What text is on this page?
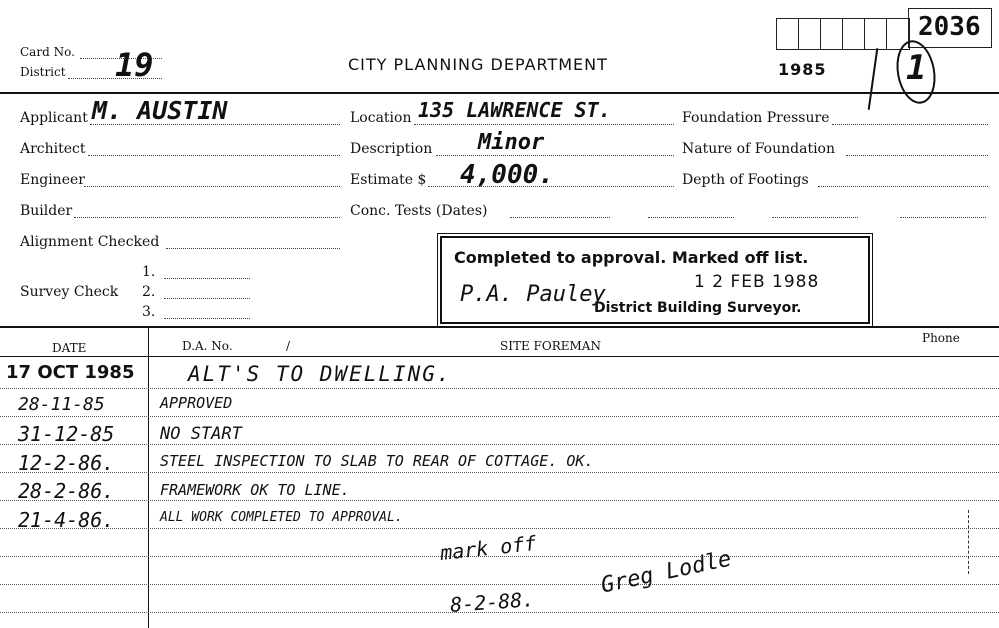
2036
Card No.
District 19	CITY PLANNING DEPARTMENT	1985 1
Applicant M. AUSTIN
Architect
Engineer
Builder
Alignment Checked
Survey Check
1.
2.
3.
Location 135 LAWRENCE ST.
Description Minor
Estimate $ 4,000.
Conc. Tests (Dates)
Foundation Pressure
Nature of Foundation
Depth of Footings
Completed to approval. Marked off list.
1 2 FEB 1988
P.A. Pauley
District Building Surveyor.
DATE	D.A. No.	/	SITE FOREMAN
Phone
17 OCT 1985	ALT'S TO DWELLING.
28-11-85	APPROVED
31-12-85	NO START
12-2-86.	STEEL INSPECTION TO SLAB TO REAR OF COTTAGE. OK.
28-2-86.	FRAMEWORK OK TO LINE.
21-4-86.	ALL WORK COMPLETED TO APPROVAL.
mark off	Greg Lodle
8-2-88.
